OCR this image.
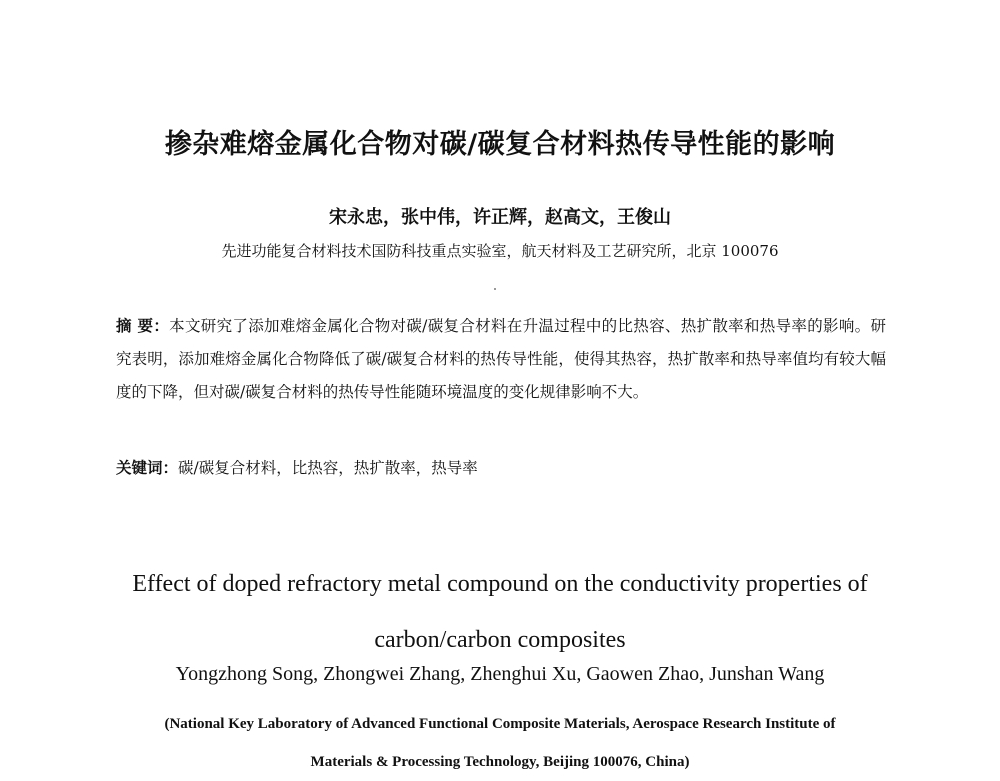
掺杂难熔金属化合物对碳/碳复合材料热传导性能的影响
宋永忠，张中伟，许正辉，赵高文，王俊山
先进功能复合材料技术国防科技重点实验室，航天材料及工艺研究所，北京 100076
摘 要：本文研究了添加难熔金属化合物对碳/碳复合材料在升温过程中的比热容、热扩散率和热导率的影响。研究表明，添加难熔金属化合物降低了碳/碳复合材料的热传导性能，使得其热容，热扩散率和热导率值均有较大幅度的下降，但对碳/碳复合材料的热传导性能随环境温度的变化规律影响不大。
关键词：碳/碳复合材料，比热容，热扩散率，热导率
Effect of doped refractory metal compound on the conductivity properties of
carbon/carbon composites
Yongzhong Song, Zhongwei Zhang, Zhenghui Xu, Gaowen Zhao, Junshan Wang
(National Key Laboratory of Advanced Functional Composite Materials, Aerospace Research Institute of
Materials & Processing Technology, Beijing 100076, China)
